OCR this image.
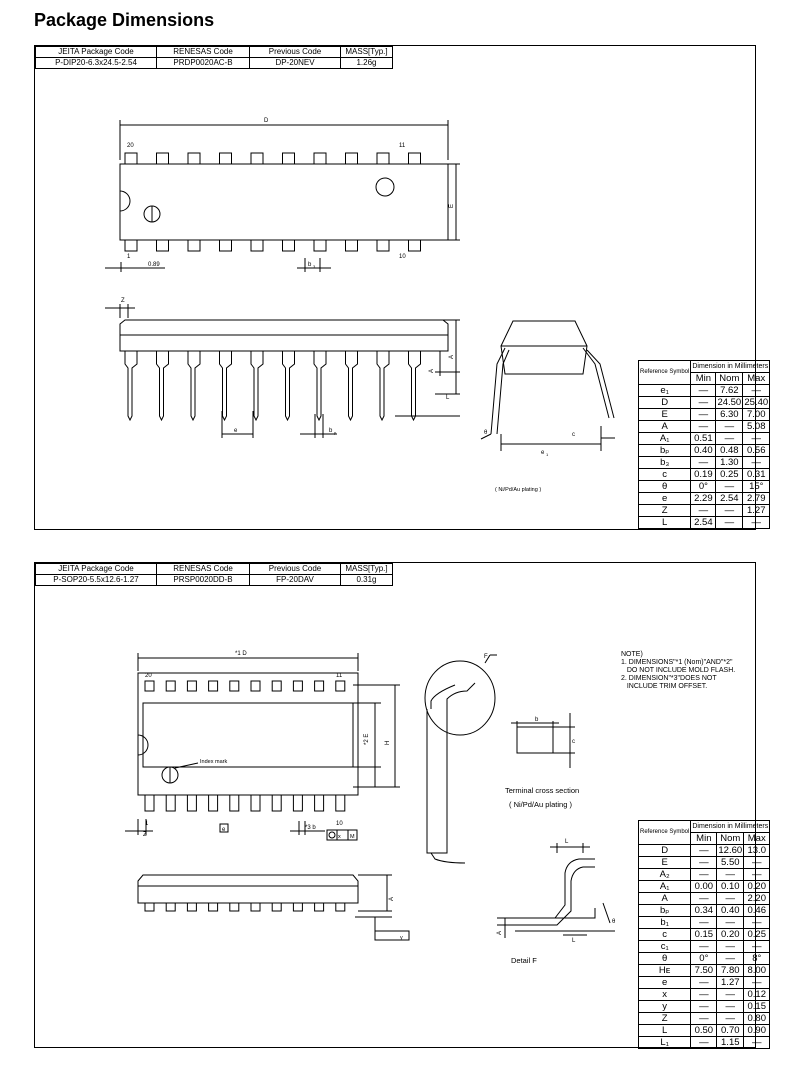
Package Dimensions
JEITA Package Code	RENESAS Code	Previous Code	MASS[Typ.]
P-DIP20-6.3x24.5-2.54	PRDP0020AC-B	DP-20NEV	1.26g
D
20	11
1	10
0.89	b 3
E
Z
A
A
L
e	b p	θ
e 1
c
( Ni/Pd/Au plating )
Reference Symbol	Dimension in Millimeters		
	Min	Nom	Max
e₁	—	7.62	—
D	—	24.50	25.40
E	—	6.30	7.00
A	—	—	5.08
A₁	0.51	—	—
bₚ	0.40	0.48	0.56
b₃	—	1.30	—
c	0.19	0.25	0.31
θ	0°	—	15°
e	2.29	2.54	2.79
Z	—	—	1.27
L	2.54	—	—
JEITA Package Code	RENESAS Code	Previous Code	MASS[Typ.]
P-SOP20-5.5x12.6-1.27	PRSP0020DD-B	FP-20DAV	0.31g
NOTE)
1. DIMENSIONS"*1 (Nom)"AND"*2"
DO NOT INCLUDE MOLD FLASH.
2. DIMENSION"*3"DOES NOT
INCLUDE TRIM OFFSET.
*1 D
20	11
1	10
Index mark
*2 E	H
Z
e	*3 b
x M
A
y
F
b
c
Terminal cross section
( Ni/Pd/Au plating )
L
L
A
θ
Detail F
Reference Symbol	Dimension in Millimeters		
	Min	Nom	Max
D	—	12.60	13.0
E	—	5.50	—
A₂	—	—	—
A₁	0.00	0.10	0.20
A	—	—	2.20
bₚ	0.34	0.40	0.46
b₁	—	—	—
c	0.15	0.20	0.25
c₁	—	—	—
θ	0°	—	8°
Hᴇ	7.50	7.80	8.00
e	—	1.27	—
x	—	—	0.12
y	—	—	0.15
Z	—	—	0.80
L	0.50	0.70	0.90
L₁	—	1.15	—
